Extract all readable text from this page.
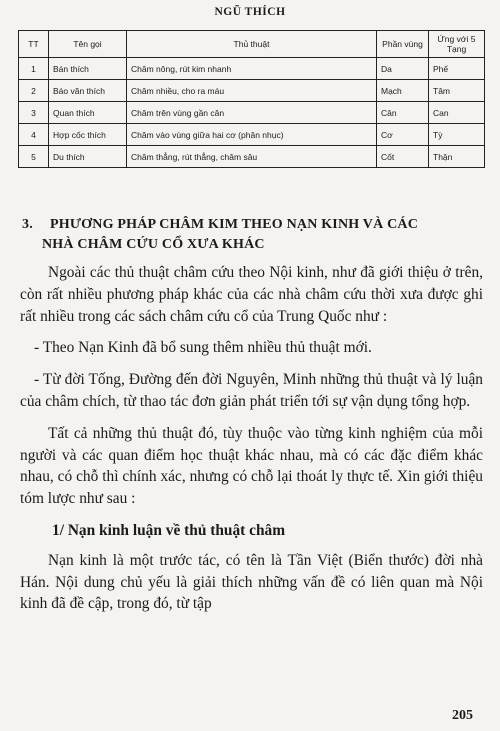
NGŨ THÍCH
TT	Tên gọi	Thủ thuật	Phần vùng	Ứng với 5 Tạng
1	Bán thích	Châm nông, rút kim nhanh	Da	Phế
2	Báo văn thích	Châm nhiều, cho ra máu	Mạch	Tâm
3	Quan thích	Châm trên vùng gần cân	Cân	Can
4	Hợp cốc thích	Châm vào vùng giữa hai cơ (phân nhục)	Cơ	Tỳ
5	Du thích	Châm thẳng, rút thẳng, châm sâu	Cốt	Thận
3. PHƯƠNG PHÁP CHÂM KIM THEO NẠN KINH VÀ CÁC
NHÀ CHÂM CỨU CỔ XƯA KHÁC

Ngoài các thủ thuật châm cứu theo Nội kinh, như đã giới thiệu ở trên, còn rất nhiều phương pháp khác của các nhà châm cứu thời xưa được ghi rất nhiều trong các sách châm cứu cổ của Trung Quốc như :

- Theo Nạn Kinh đã bổ sung thêm nhiều thủ thuật mới.

- Từ đời Tống, Đường đến đời Nguyên, Minh những thủ thuật và lý luận của châm chích, từ thao tác đơn giản phát triển tới sự vận dụng tổng hợp.

Tất cả những thủ thuật đó, tùy thuộc vào từng kinh nghiệm của mỗi người và các quan điểm học thuật khác nhau, mà có các đặc điểm khác nhau, có chỗ thì chính xác, nhưng có chỗ lại thoát ly thực tế. Xin giới thiệu tóm lược như sau :

1/ Nạn kinh luận về thủ thuật châm

Nạn kinh là một trước tác, có tên là Tần Việt (Biển thước) đời nhà Hán. Nội dung chủ yếu là giải thích những vấn đề có liên quan mà Nội kinh đã đề cập, trong đó, từ tập

205
